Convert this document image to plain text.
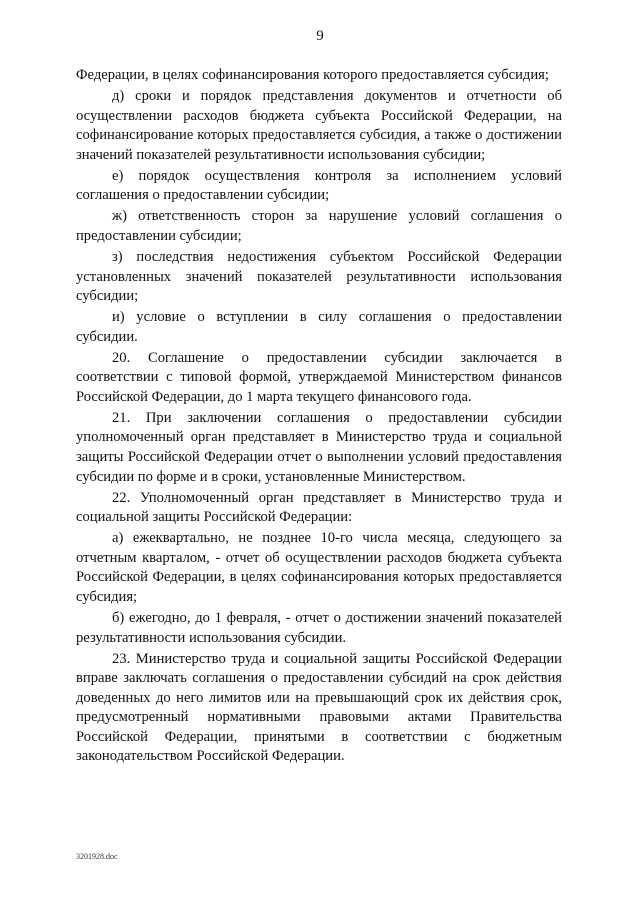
9

Федерации, в целях софинансирования которого предоставляется субсидия;

д) сроки и порядок представления документов и отчетности об осуществлении расходов бюджета субъекта Российской Федерации, на софинансирование которых предоставляется субсидия, а также о достижении значений показателей результативности использования субсидии;

е) порядок осуществления контроля за исполнением условий соглашения о предоставлении субсидии;

ж) ответственность сторон за нарушение условий соглашения о предоставлении субсидии;

з) последствия недостижения субъектом Российской Федерации установленных значений показателей результативности использования субсидии;

и) условие о вступлении в силу соглашения о предоставлении субсидии.

20. Соглашение о предоставлении субсидии заключается в соответствии с типовой формой, утверждаемой Министерством финансов Российской Федерации, до 1 марта текущего финансового года.

21. При заключении соглашения о предоставлении субсидии уполномоченный орган представляет в Министерство труда и социальной защиты Российской Федерации отчет о выполнении условий предоставления субсидии по форме и в сроки, установленные Министерством.

22. Уполномоченный орган представляет в Министерство труда и социальной защиты Российской Федерации:

а) ежеквартально, не позднее 10-го числа месяца, следующего за отчетным кварталом, - отчет об осуществлении расходов бюджета субъекта Российской Федерации, в целях софинансирования которых предоставляется субсидия;

б) ежегодно, до 1 февраля, - отчет о достижении значений показателей результативности использования субсидии.

23. Министерство труда и социальной защиты Российской Федерации вправе заключать соглашения о предоставлении субсидий на срок действия доведенных до него лимитов или на превышающий срок их действия срок, предусмотренный нормативными правовыми актами Правительства Российской Федерации, принятыми в соответствии с бюджетным законодательством Российской Федерации.

3201928.doc
